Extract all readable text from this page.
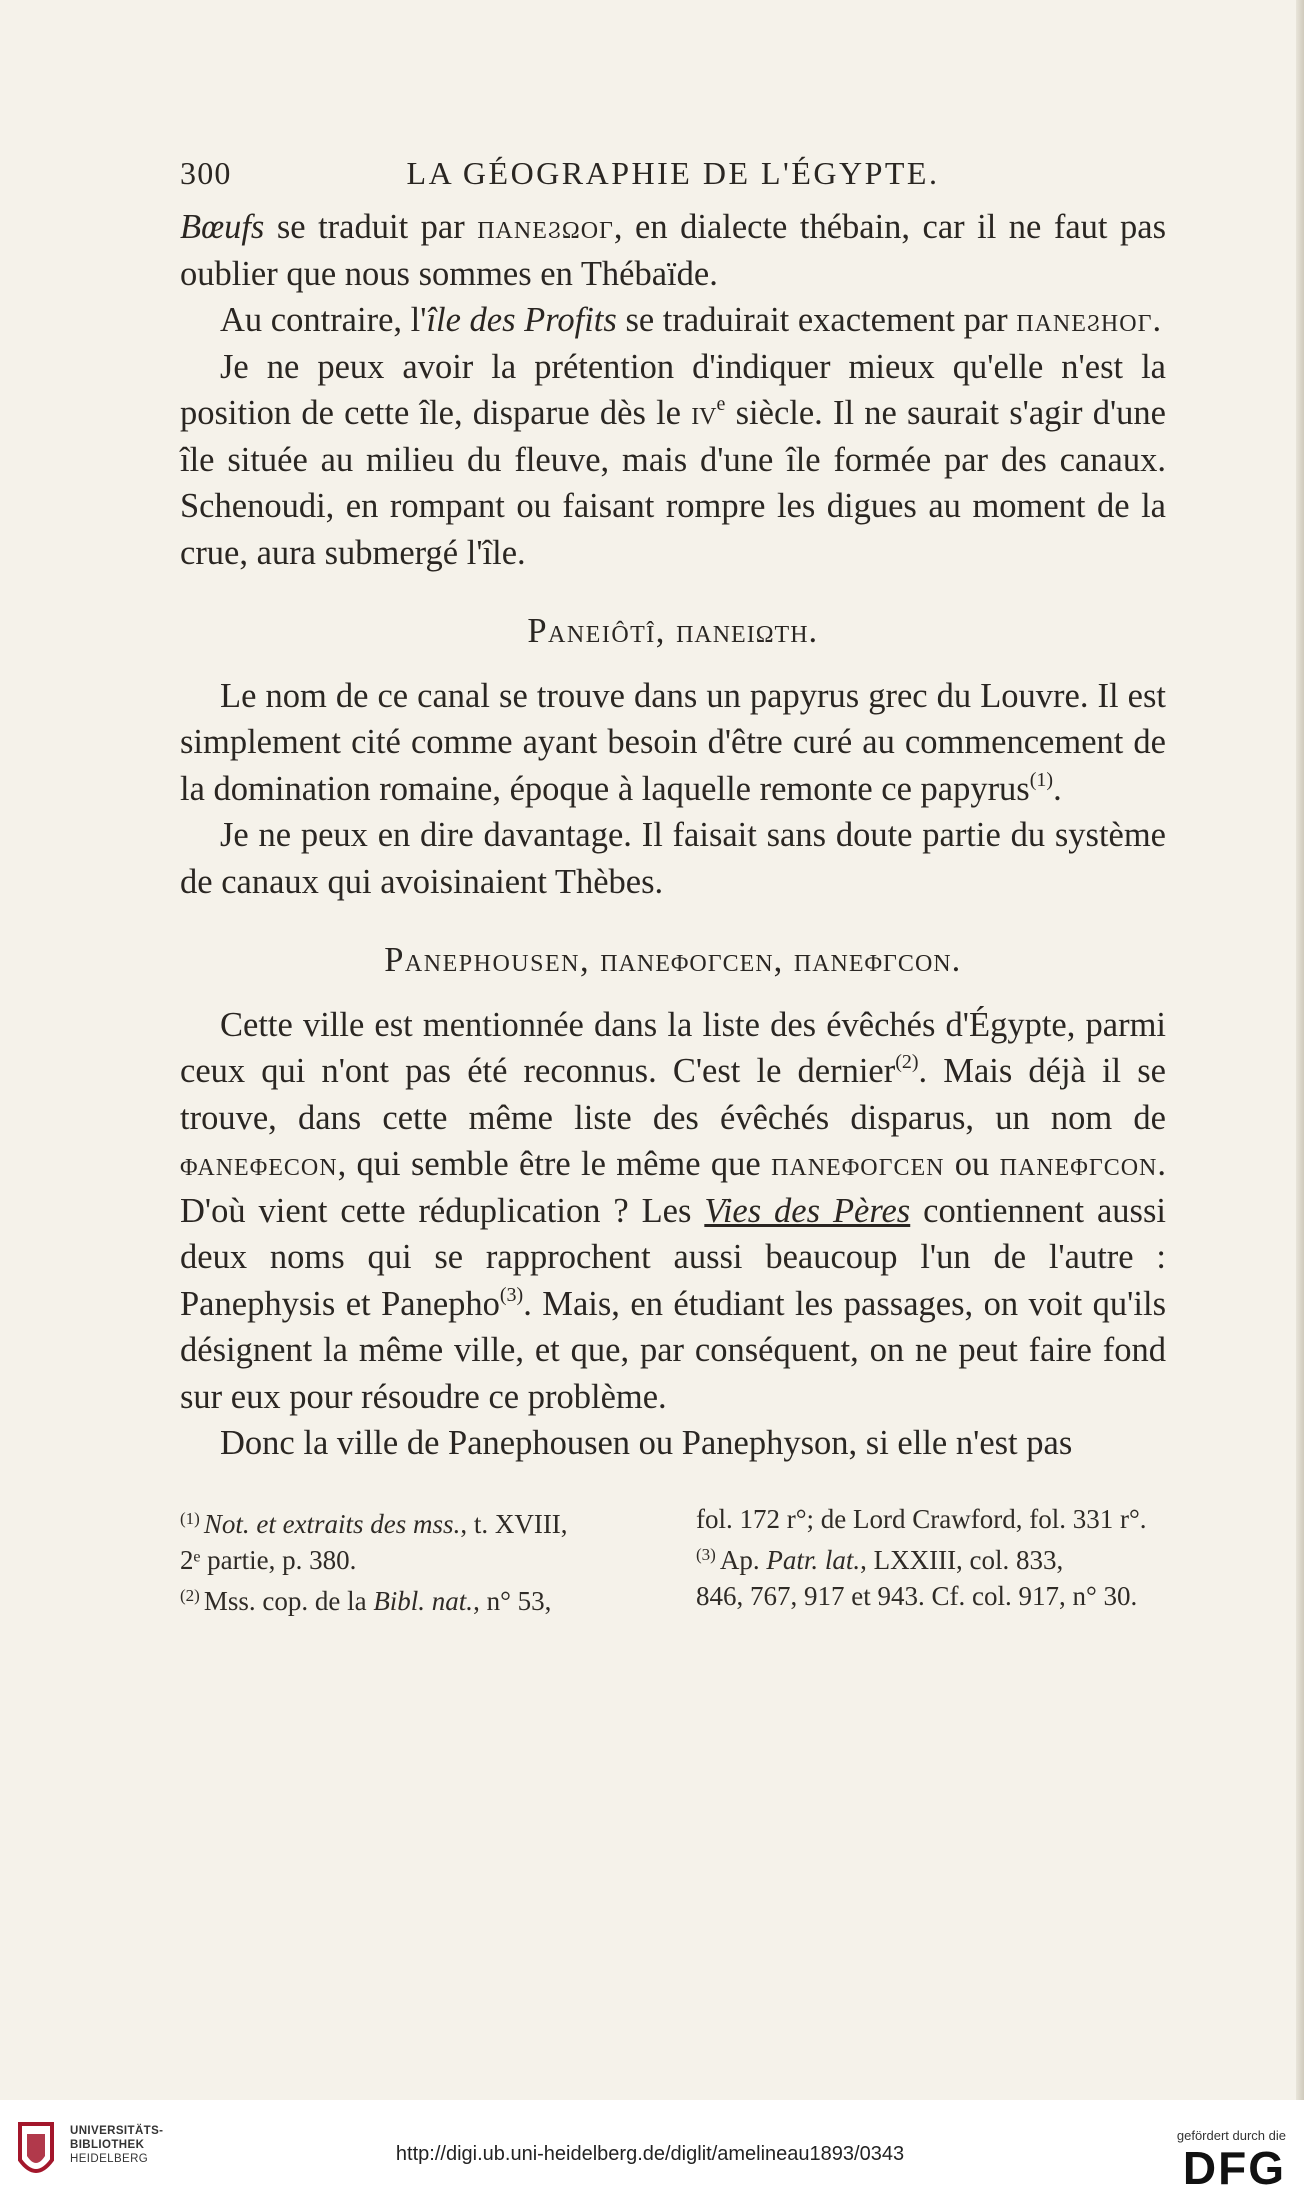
300	LA GÉOGRAPHIE DE L'ÉGYPTE.

Bœufs se traduit par πανεϩωογ, en dialecte thébain, car il ne faut pas oublier que nous sommes en Thébaïde.

Au contraire, l'île des Profits se traduirait exactement par πανεϩηογ.

Je ne peux avoir la prétention d'indiquer mieux qu'elle n'est la position de cette île, disparue dès le $iv^e$ siècle. Il ne saurait s'agir d'une île située au milieu du fleuve, mais d'une île formée par des canaux. Schenoudi, en rompant ou faisant rompre les digues au moment de la crue, aura submergé l'île.

Paneiôtî, πανειωτη.

Le nom de ce canal se trouve dans un papyrus grec du Louvre. Il est simplement cité comme ayant besoin d'être curé au commencement de la domination romaine, époque à laquelle remonte ce papyrus$^{(1)}$.

Je ne peux en dire davantage. Il faisait sans doute partie du système de canaux qui avoisinaient Thèbes.

Panephousen, πανεφογcεν, πανεφγcον.

Cette ville est mentionnée dans la liste des évêchés d'Égypte, parmi ceux qui n'ont pas été reconnus. C'est le dernier$^{(2)}$. Mais déjà il se trouve, dans cette même liste des évêchés disparus, un nom de φανεφεcον, qui semble être le même que πανεφογcεν ou πανεφγcον. D'où vient cette réduplication ? Les Vies des Pères contiennent aussi deux noms qui se rapprochent aussi beaucoup l'un de l'autre : Panephysis et Panepho$^{(3)}$. Mais, en étudiant les passages, on voit qu'ils désignent la même ville, et que, par conséquent, on ne peut faire fond sur eux pour résoudre ce problème.

Donc la ville de Panephousen ou Panephyson, si elle n'est pas

$^{(1)}$ Not. et extraits des mss., t. XVIII,
2ᵉ partie, p. 380.
$^{(2)}$ Mss. cop. de la Bibl. nat., n° 53,
fol. 172 r°; de Lord Crawford, fol. 331 r°.
$^{(3)}$ Ap. Patr. lat., LXXIII, col. 833,
846, 767, 917 et 943. Cf. col. 917, n° 30.
UNIVERSITÄTS-
BIBLIOTHEK
HEIDELBERG	http://digi.ub.uni-heidelberg.de/diglit/amelineau1893/0343
gefördert durch die
DFG
